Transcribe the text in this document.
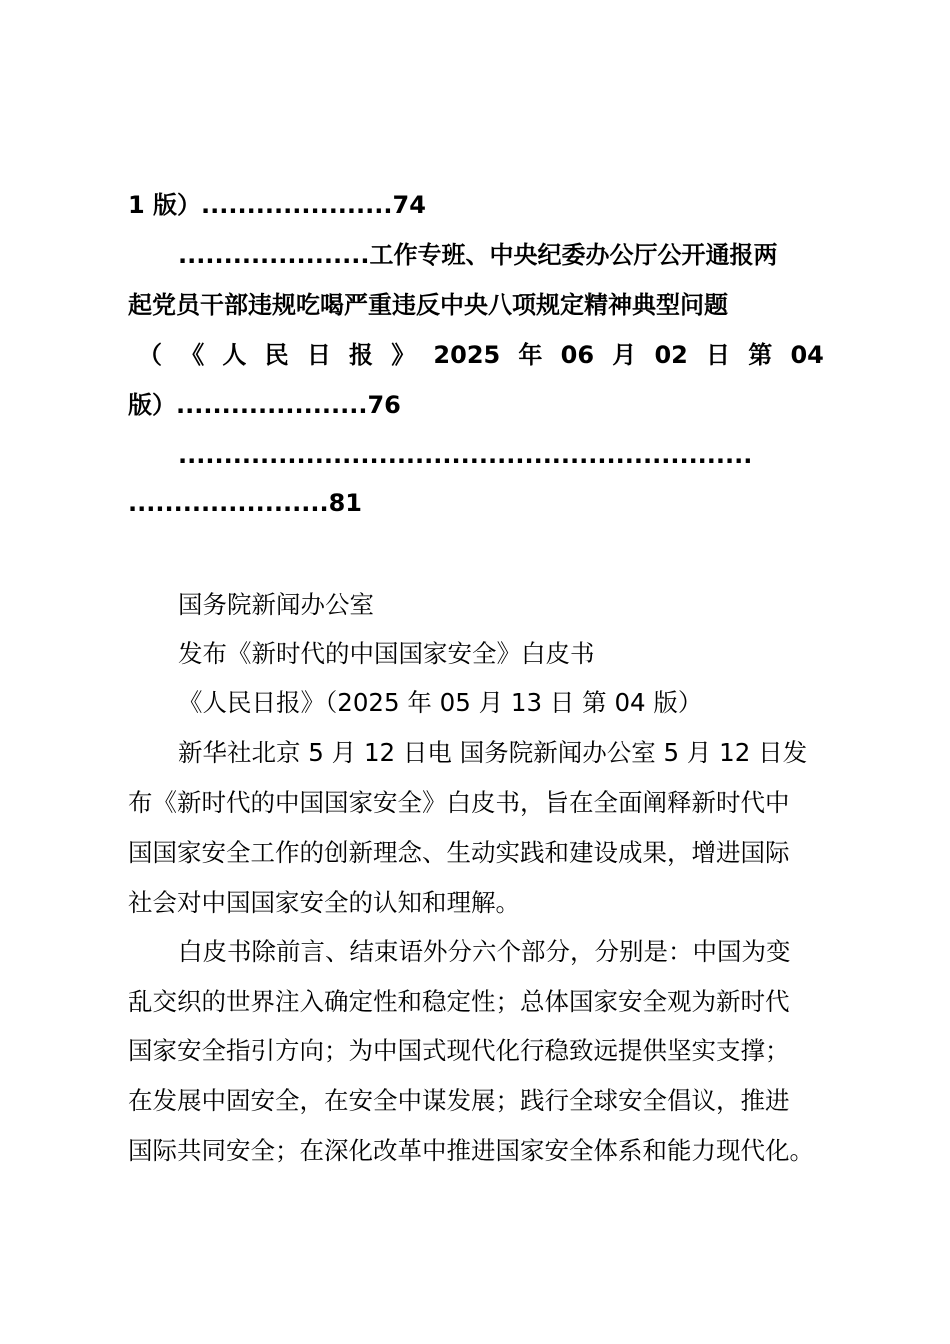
1 版）.....................74
.....................工作专班、中央纪委办公厅公开通报两
起党员干部违规吃喝严重违反中央八项规定精神典型问题
（ 《 人 民 日 报 》 2025 年 06 月 02 日 第 04
版）.....................76
...............................................................
......................81
国务院新闻办公室
发布《新时代的中国国家安全》白皮书
《人民日报》（2025 年 05 月 13 日 第 04 版）
新华社北京 5 月 12 日电 国务院新闻办公室 5 月 12 日发
布《新时代的中国国家安全》白皮书，旨在全面阐释新时代中
国国家安全工作的创新理念、生动实践和建设成果，增进国际
社会对中国国家安全的认知和理解。
白皮书除前言、结束语外分六个部分，分别是：中国为变
乱交织的世界注入确定性和稳定性；总体国家安全观为新时代
国家安全指引方向；为中国式现代化行稳致远提供坚实支撑；
在发展中固安全，在安全中谋发展；践行全球安全倡议，推进
国际共同安全；在深化改革中推进国家安全体系和能力现代化。
